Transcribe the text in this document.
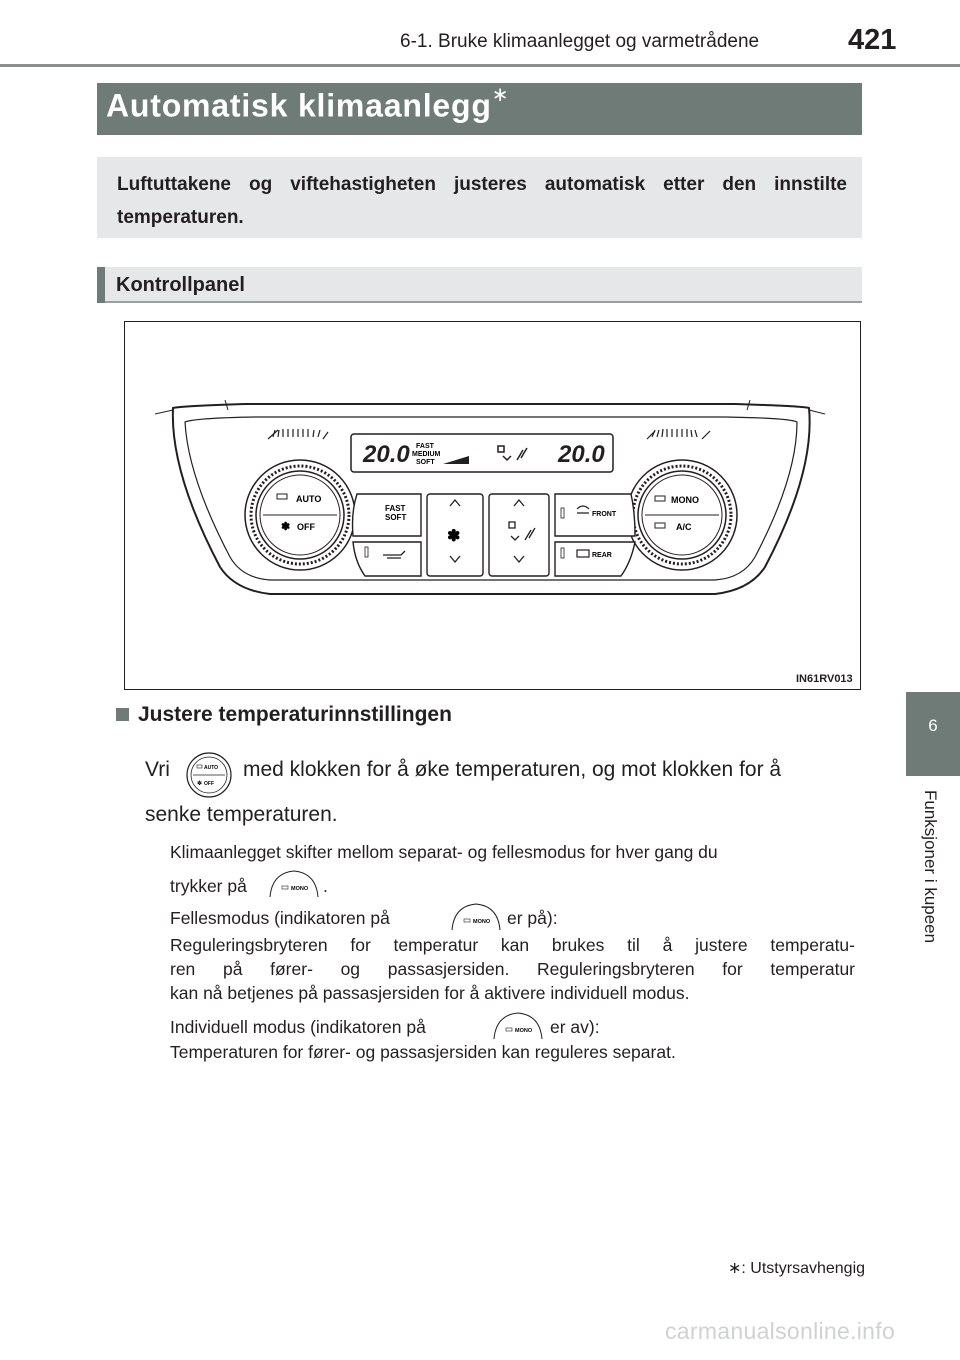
6-1. Bruke klimaanlegget og varmetrådene	421
6
Funksjoner i kupeen
Automatisk klimaanlegg∗
Luftuttakene og viftehastigheten justeres automatisk etter den innstilte temperaturen.
Kontrollpanel
20.0	20.0
FAST
MEDIUM
SOFT
AUTO
✽ OFF
MONO
A/C
FAST
SOFT
✽
FRONT
REAR
IN61RV013
Justere temperaturinnstillingen
Vri	AUTO
✽ OFF
med klokken for å øke temperaturen, og mot klokken for å
senke temperaturen.
Klimaanlegget skifter mellom separat- og fellesmodus for hver gang du
trykker på	MONO .
Fellesmodus (indikatoren på	MONO er på):
Reguleringsbryteren for temperatur kan brukes til å justere temperatu-
ren på fører- og passasjersiden. Reguleringsbryteren for temperatur
kan nå betjenes på passasjersiden for å aktivere individuell modus.
Individuell modus (indikatoren på	MONO er av):
Temperaturen for fører- og passasjersiden kan reguleres separat.
∗: Utstyrsavhengig
carmanualsonline.info
